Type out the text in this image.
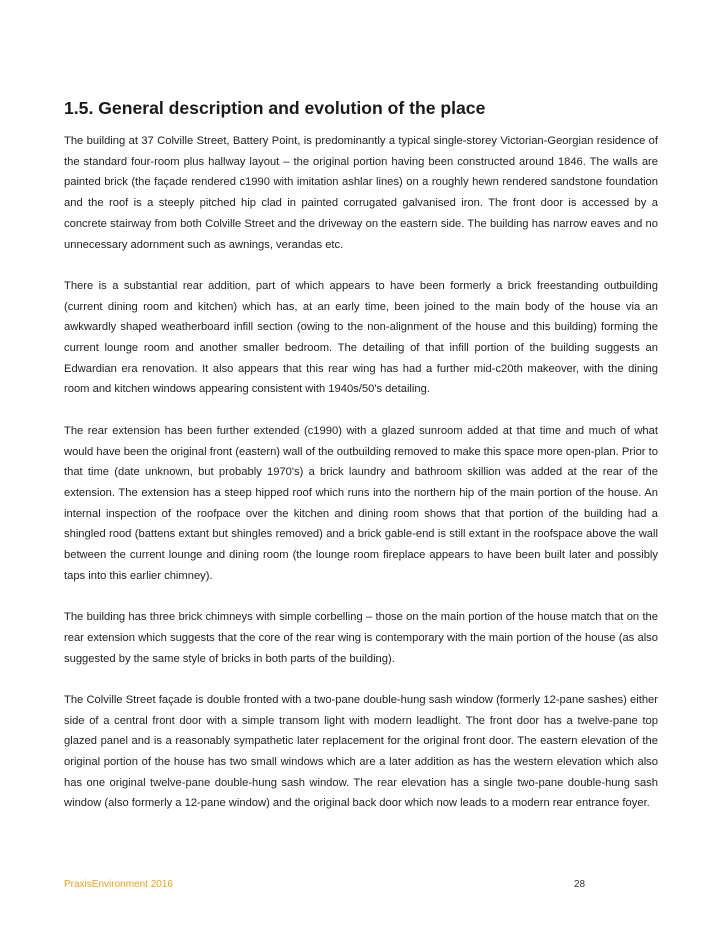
1.5. General description and evolution of the place

The building at 37 Colville Street, Battery Point, is predominantly a typical single-storey Victorian-Georgian residence of the standard four-room plus hallway layout – the original portion having been constructed around 1846. The walls are painted brick (the façade rendered c1990 with imitation ashlar lines) on a roughly hewn rendered sandstone foundation and the roof is a steeply pitched hip clad in painted corrugated galvanised iron. The front door is accessed by a concrete stairway from both Colville Street and the driveway on the eastern side. The building has narrow eaves and no unnecessary adornment such as awnings, verandas etc.

There is a substantial rear addition, part of which appears to have been formerly a brick freestanding outbuilding (current dining room and kitchen) which has, at an early time, been joined to the main body of the house via an awkwardly shaped weatherboard infill section (owing to the non-alignment of the house and this building) forming the current lounge room and another smaller bedroom. The detailing of that infill portion of the building suggests an Edwardian era renovation. It also appears that this rear wing has had a further mid-c20th makeover, with the dining room and kitchen windows appearing consistent with 1940s/50's detailing.

The rear extension has been further extended (c1990) with a glazed sunroom added at that time and much of what would have been the original front (eastern) wall of the outbuilding removed to make this space more open-plan. Prior to that time (date unknown, but probably 1970's) a brick laundry and bathroom skillion was added at the rear of the extension. The extension has a steep hipped roof which runs into the northern hip of the main portion of the house. An internal inspection of the roofpace over the kitchen and dining room shows that that portion of the building had a shingled rood (battens extant but shingles removed) and a brick gable-end is still extant in the roofspace above the wall between the current lounge and dining room (the lounge room fireplace appears to have been built later and possibly taps into this earlier chimney).

The building has three brick chimneys with simple corbelling – those on the main portion of the house match that on the rear extension which suggests that the core of the rear wing is contemporary with the main portion of the house (as also suggested by the same style of bricks in both parts of the building).

The Colville Street façade is double fronted with a two-pane double-hung sash window (formerly 12-pane sashes) either side of a central front door with a simple transom light with modern leadlight. The front door has a twelve-pane top glazed panel and is a reasonably sympathetic later replacement for the original front door. The eastern elevation of the original portion of the house has two small windows which are a later addition as has the western elevation which also has one original twelve-pane double-hung sash window. The rear elevation has a single two-pane double-hung sash window (also formerly a 12-pane window) and the original back door which now leads to a modern rear entrance foyer.

PraxisEnvironment 2016	28
